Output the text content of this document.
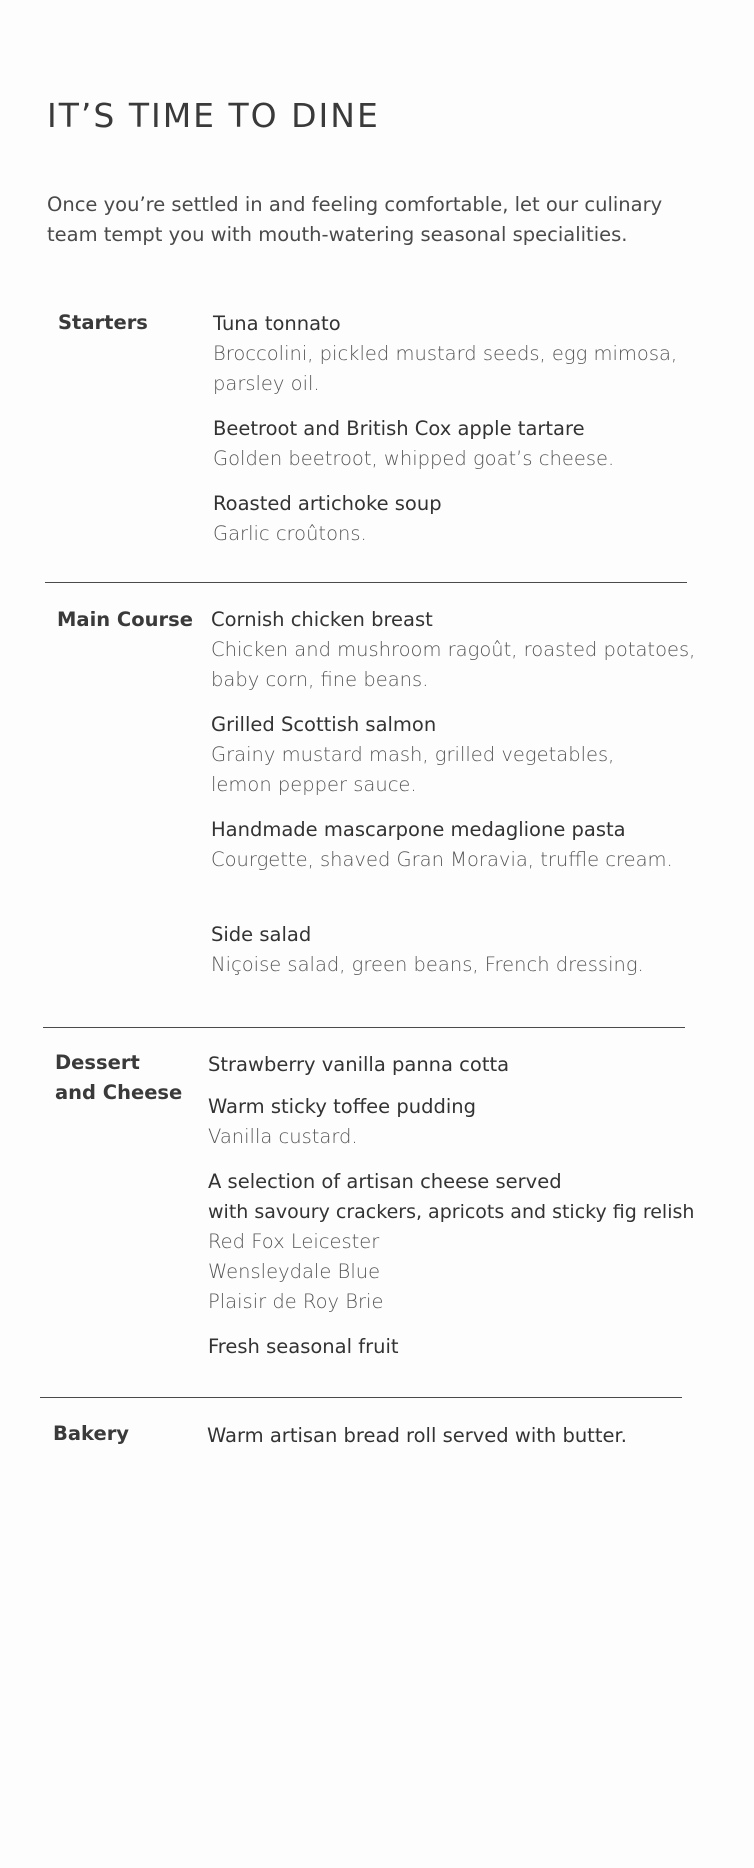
IT’S TIME TO DINE

Once you’re settled in and feeling comfortable, let our culinary team tempt you with mouth-watering seasonal specialities.

Starters	Tuna tonnato
Broccolini, pickled mustard seeds, egg mimosa,
parsley oil.
Beetroot and British Cox apple tartare
Golden beetroot, whipped goat’s cheese.
Roasted artichoke soup
Garlic croûtons.
Main Course Cornish chicken breast
Chicken and mushroom ragoût, roasted potatoes,
baby corn, fine beans.
Grilled Scottish salmon
Grainy mustard mash, grilled vegetables,
lemon pepper sauce.
Handmade mascarpone medaglione pasta
Courgette, shaved Gran Moravia, truffle cream.
Side salad
Niçoise salad, green beans, French dressing.
Dessert
and Cheese
Strawberry vanilla panna cotta
Warm sticky toffee pudding
Vanilla custard.
A selection of artisan cheese served
with savoury crackers, apricots and sticky fig relish
Red Fox Leicester
Wensleydale Blue
Plaisir de Roy Brie
Fresh seasonal fruit
Bakery	Warm artisan bread roll served with butter.
